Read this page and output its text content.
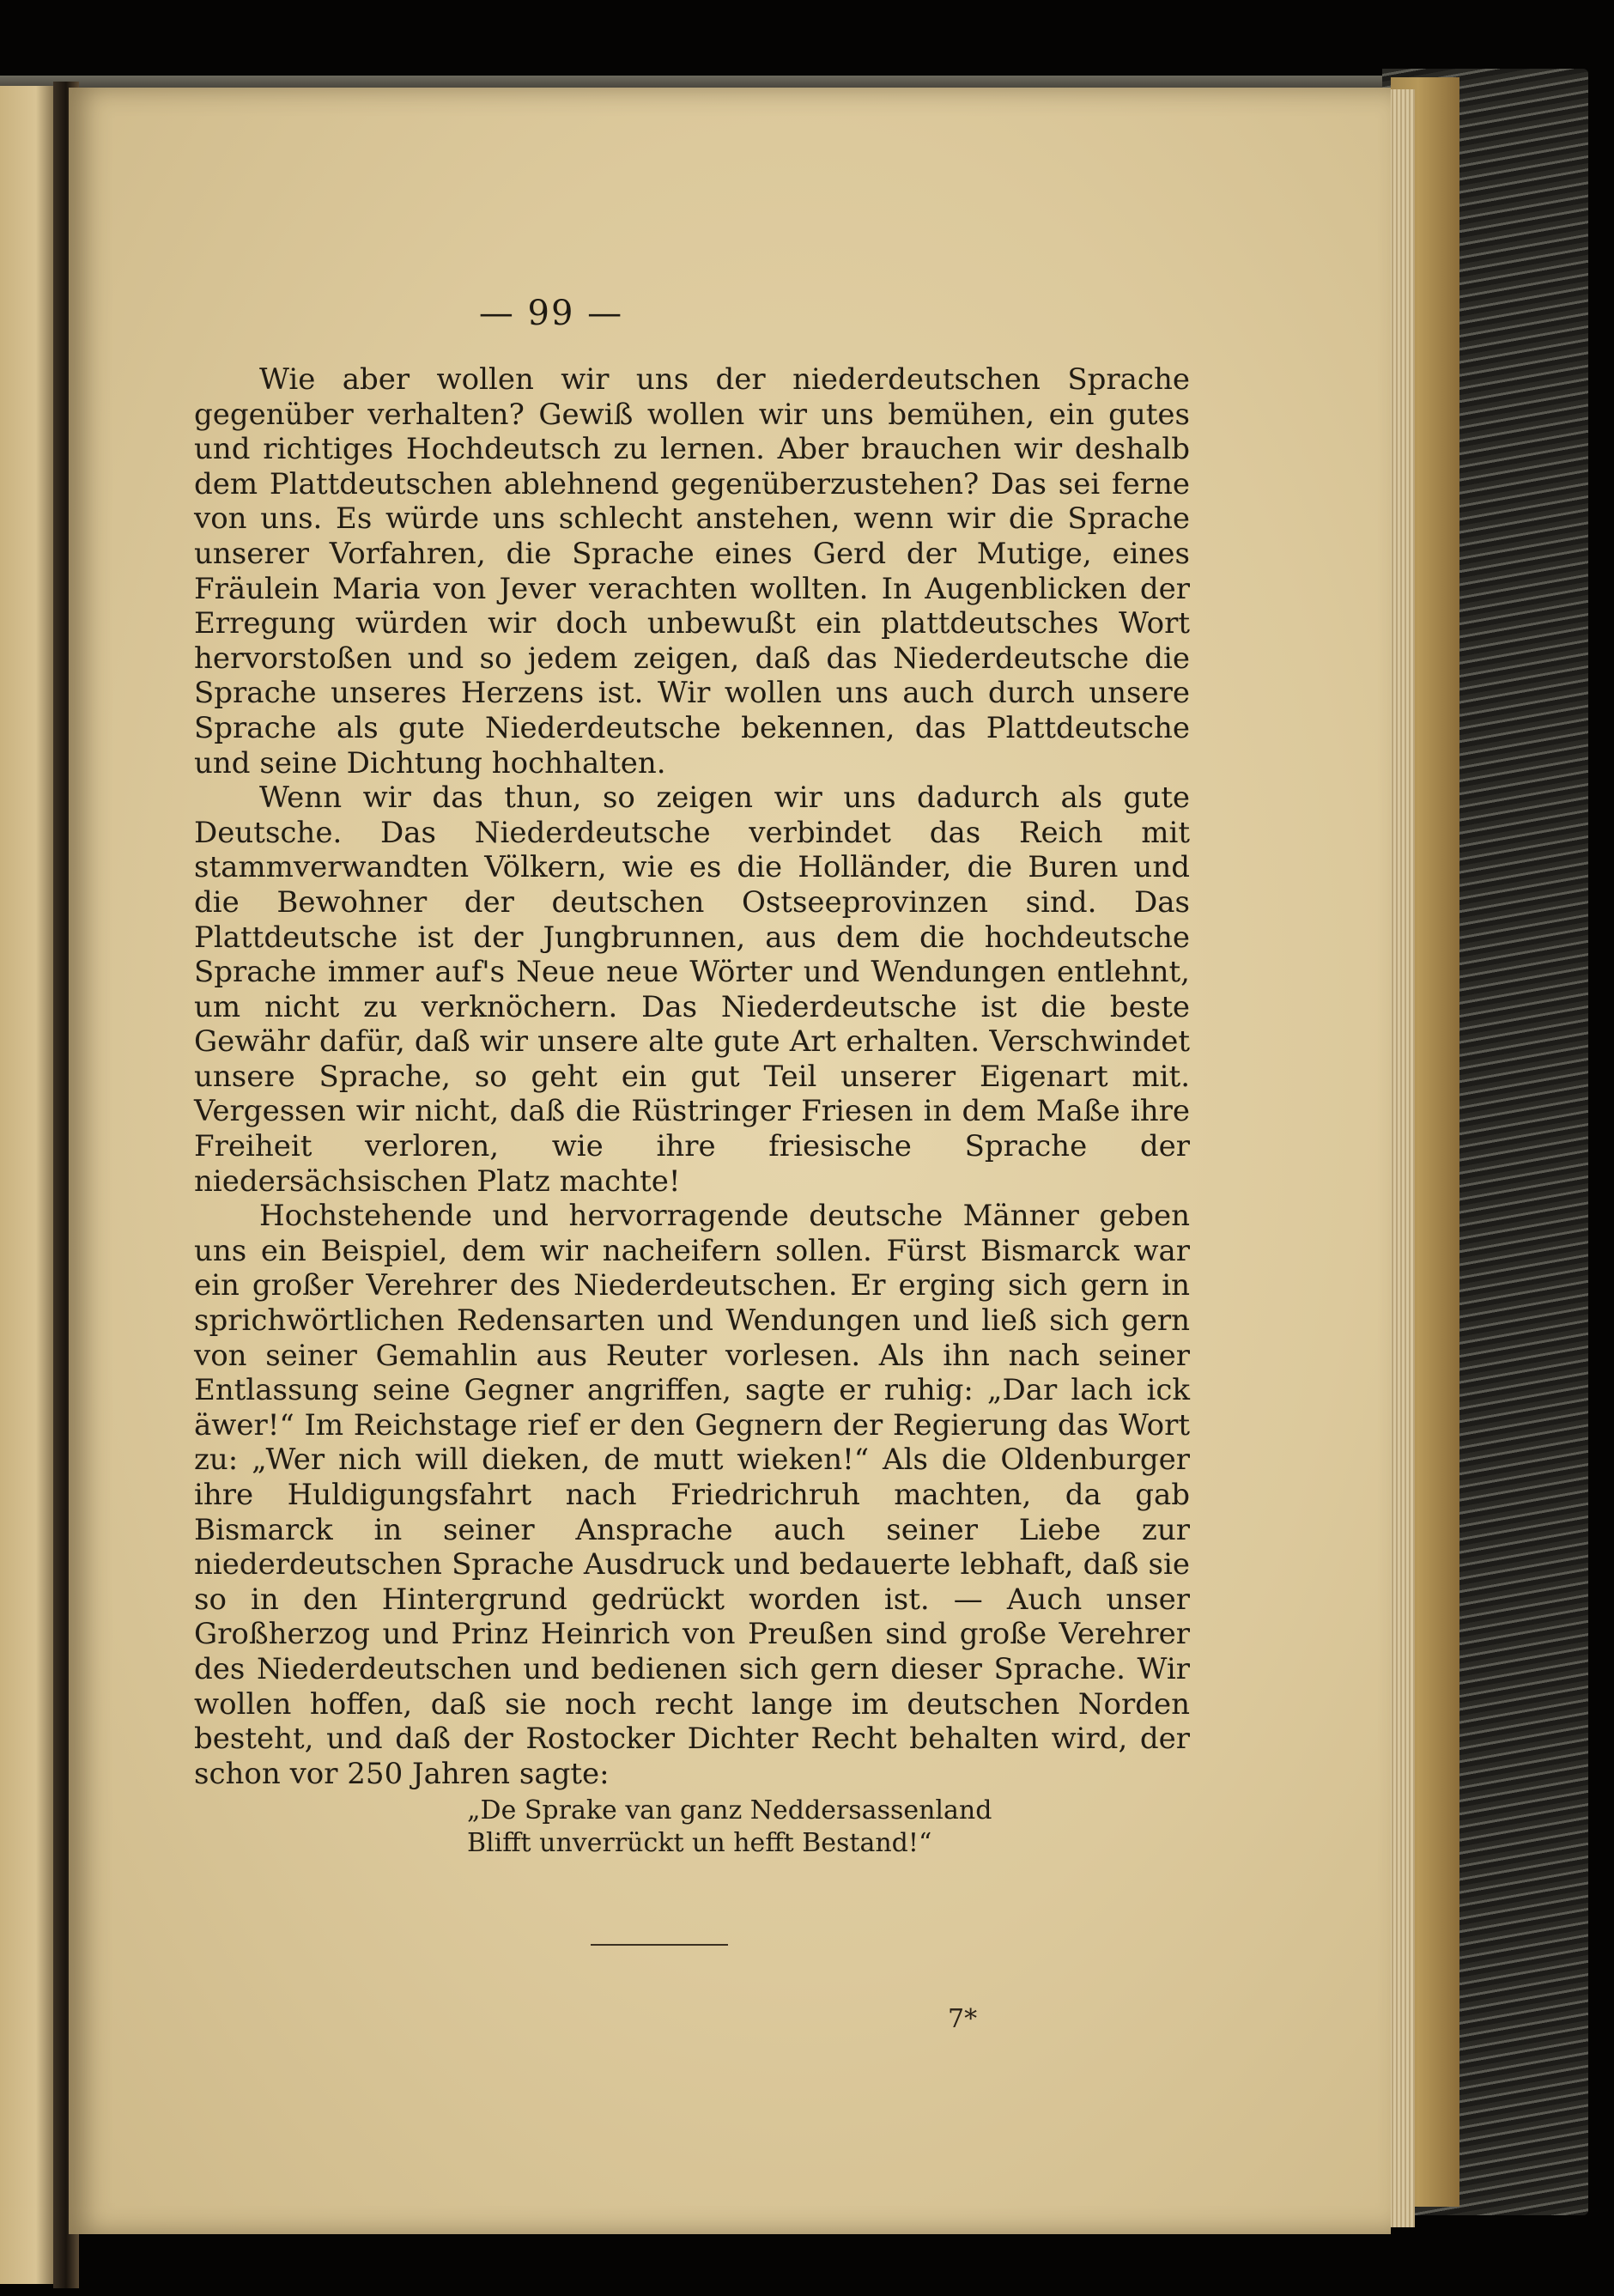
— 99 —

Wie aber wollen wir uns der niederdeutschen Sprache gegenüber verhalten? Gewiß wollen wir uns bemühen, ein gutes und richtiges Hochdeutsch zu lernen. Aber brauchen wir deshalb dem Plattdeutschen ablehnend gegenüberzustehen? Das sei ferne von uns. Es würde uns schlecht anstehen, wenn wir die Sprache unserer Vorfahren, die Sprache eines Gerd der Mutige, eines Fräulein Maria von Jever verachten wollten. In Augenblicken der Erregung würden wir doch unbewußt ein plattdeutsches Wort hervorstoßen und so jedem zeigen, daß das Niederdeutsche die Sprache unseres Herzens ist. Wir wollen uns auch durch unsere Sprache als gute Niederdeutsche bekennen, das Plattdeutsche und seine Dichtung hochhalten.

Wenn wir das thun, so zeigen wir uns dadurch als gute Deutsche. Das Niederdeutsche verbindet das Reich mit stammverwandten Völkern, wie es die Holländer, die Buren und die Bewohner der deutschen Ostseeprovinzen sind. Das Plattdeutsche ist der Jungbrunnen, aus dem die hochdeutsche Sprache immer auf's Neue neue Wörter und Wendungen entlehnt, um nicht zu verknöchern. Das Niederdeutsche ist die beste Gewähr dafür, daß wir unsere alte gute Art erhalten. Verschwindet unsere Sprache, so geht ein gut Teil unserer Eigenart mit. Vergessen wir nicht, daß die Rüstringer Friesen in dem Maße ihre Freiheit verloren, wie ihre friesische Sprache der niedersächsischen Platz machte!

Hochstehende und hervorragende deutsche Männer geben uns ein Beispiel, dem wir nacheifern sollen. Fürst Bismarck war ein großer Verehrer des Niederdeutschen. Er erging sich gern in sprichwörtlichen Redensarten und Wendungen und ließ sich gern von seiner Gemahlin aus Reuter vorlesen. Als ihn nach seiner Entlassung seine Gegner angriffen, sagte er ruhig: „Dar lach ick äwer!“ Im Reichstage rief er den Gegnern der Regierung das Wort zu: „Wer nich will dieken, de mutt wieken!“ Als die Oldenburger ihre Huldigungsfahrt nach Friedrichruh machten, da gab Bismarck in seiner Ansprache auch seiner Liebe zur niederdeutschen Sprache Ausdruck und bedauerte lebhaft, daß sie so in den Hintergrund gedrückt worden ist. — Auch unser Großherzog und Prinz Heinrich von Preußen sind große Verehrer des Niederdeutschen und bedienen sich gern dieser Sprache. Wir wollen hoffen, daß sie noch recht lange im deutschen Norden besteht, und daß der Rostocker Dichter Recht behalten wird, der schon vor 250 Jahren sagte:

„De Sprake van ganz Neddersassenland
Blifft unverrückt un hefft Bestand!“
7*
